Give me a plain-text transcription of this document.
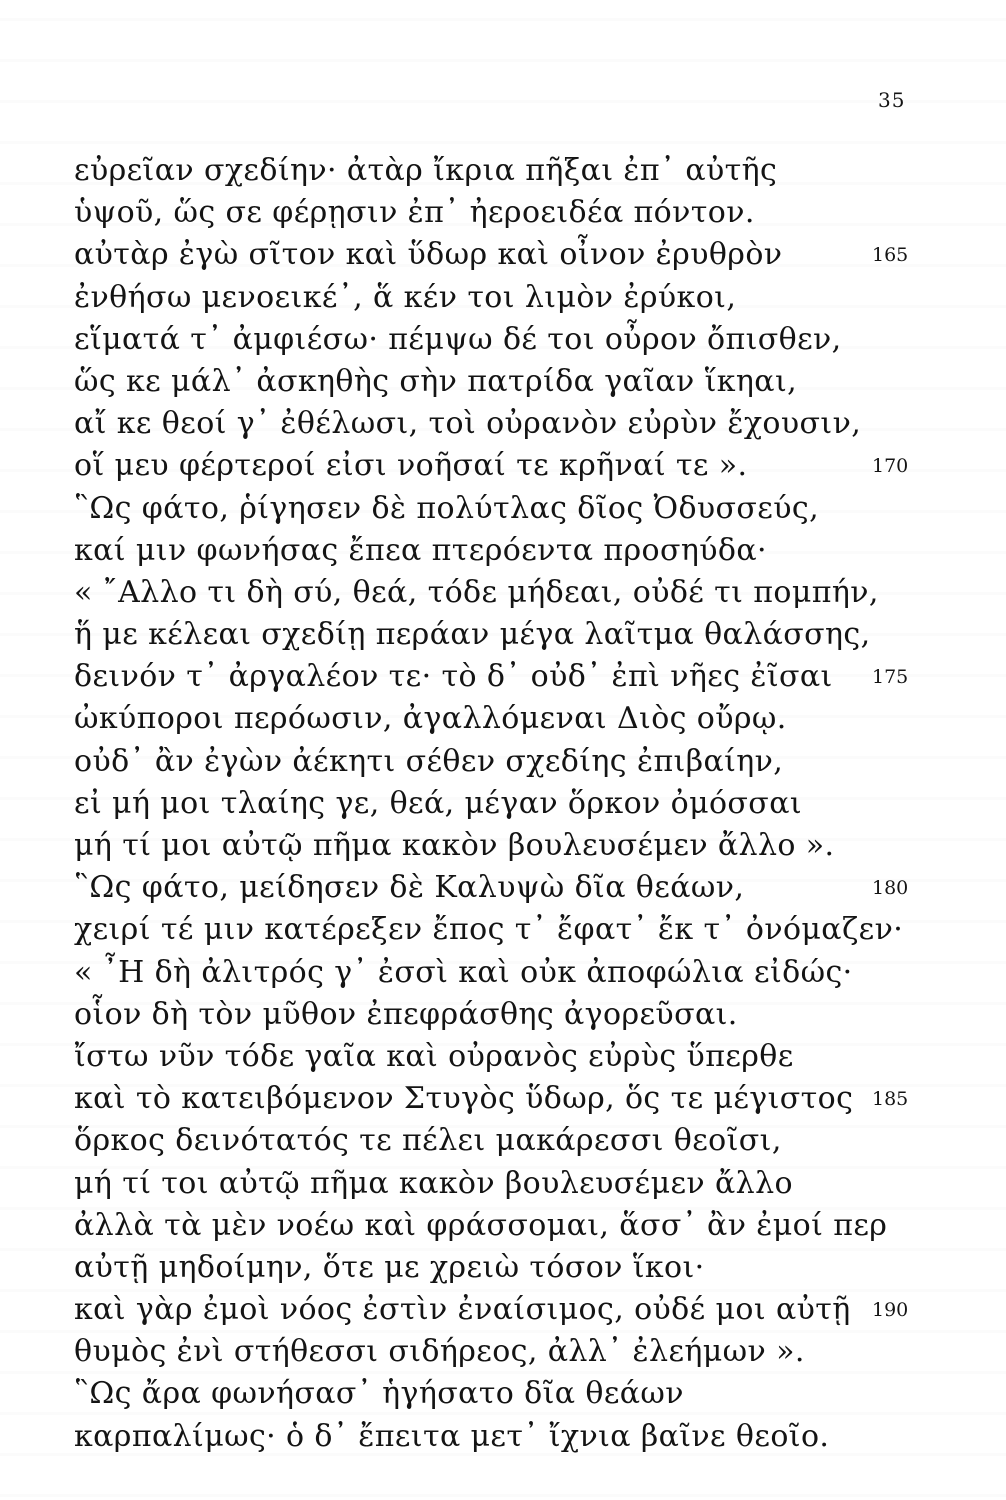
35
εὐρεῖαν σχεδίην· ἀτὰρ ἴκρια πῆξαι ἐπ᾽ αὐτῆς
ὑψοῦ, ὥς σε φέρῃσιν ἐπ᾽ ἠεροειδέα πόντον.
αὐτὰρ ἐγὼ σῖτον καὶ ὕδωρ καὶ οἶνον ἐρυθρὸν	165
ἐνθήσω μενοεικέ᾽, ἅ κέν τοι λιμὸν ἐρύκοι,
εἵματά τ᾽ ἀμφιέσω· πέμψω δέ τοι οὖρον ὄπισθεν,
ὥς κε μάλ᾽ ἀσκηθὴς σὴν πατρίδα γαῖαν ἵκηαι,
αἴ κε θεοί γ᾽ ἐθέλωσι, τοὶ οὐρανὸν εὐρὺν ἔχουσιν,
οἵ μευ φέρτεροί εἰσι νοῆσαί τε κρῆναί τε ».	170
῝Ως φάτο, ῥίγησεν δὲ πολύτλας δῖος Ὀδυσσεύς,
καί μιν φωνήσας ἔπεα πτερόεντα προσηύδα·
« ῎Αλλο τι δὴ σύ, θεά, τόδε μήδεαι, οὐδέ τι πομπήν,
ἥ με κέλεαι σχεδίῃ περάαν μέγα λαῖτμα θαλάσσης,
δεινόν τ᾽ ἀργαλέον τε· τὸ δ᾽ οὐδ᾽ ἐπὶ νῆες ἐῖσαι 175
ὠκύποροι περόωσιν, ἀγαλλόμεναι Διὸς οὔρῳ.
οὐδ᾽ ἂν ἐγὼν ἀέκητι σέθεν σχεδίης ἐπιβαίην,
εἰ μή μοι τλαίης γε, θεά, μέγαν ὅρκον ὀμόσσαι
μή τί μοι αὐτῷ πῆμα κακὸν βουλευσέμεν ἄλλο ».
῝Ως φάτο, μείδησεν δὲ Καλυψὼ δῖα θεάων,	180
χειρί τέ μιν κατέρεξεν ἔπος τ᾽ ἔφατ᾽ ἔκ τ᾽ ὀνόμαζεν·
« ῏Η δὴ ἀλιτρός γ᾽ ἐσσὶ καὶ οὐκ ἀποφώλια εἰδώς·
οἷον δὴ τὸν μῦθον ἐπεφράσθης ἀγορεῦσαι.
ἴστω νῦν τόδε γαῖα καὶ οὐρανὸς εὐρὺς ὕπερθε
καὶ τὸ κατειβόμενον Στυγὸς ὕδωρ, ὅς τε μέγιστος 185
ὅρκος δεινότατός τε πέλει μακάρεσσι θεοῖσι,
μή τί τοι αὐτῷ πῆμα κακὸν βουλευσέμεν ἄλλο
ἀλλὰ τὰ μὲν νοέω καὶ φράσσομαι, ἅσσ᾽ ἂν ἐμοί περ
αὐτῇ μηδοίμην, ὅτε με χρειὼ τόσον ἵκοι·
καὶ γὰρ ἐμοὶ νόος ἐστὶν ἐναίσιμος, οὐδέ μοι αὐτῇ 190
θυμὸς ἐνὶ στήθεσσι σιδήρεος, ἀλλ᾽ ἐλεήμων ».
῝Ως ἄρα φωνήσασ᾽ ἡγήσατο δῖα θεάων
καρπαλίμως· ὁ δ᾽ ἔπειτα μετ᾽ ἴχνια βαῖνε θεοῖο.
